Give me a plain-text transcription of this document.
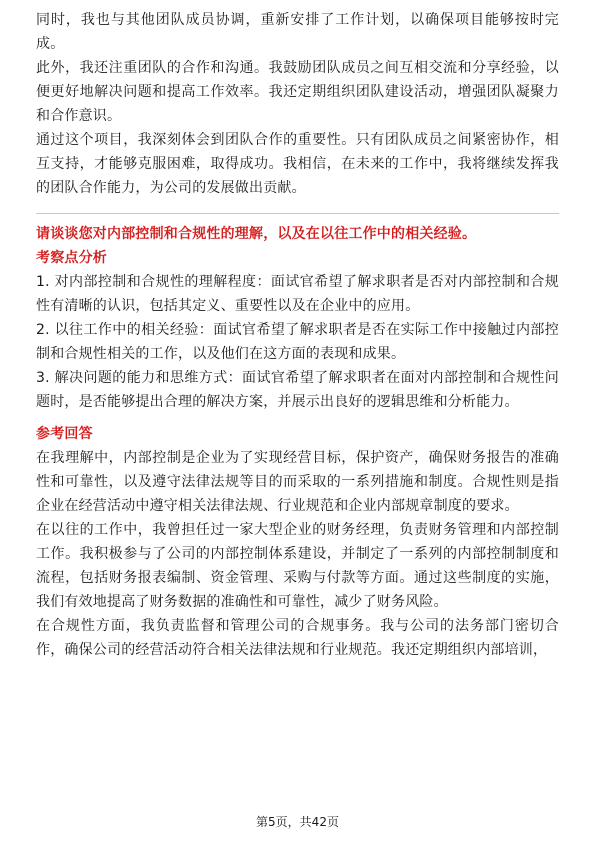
同时，我也与其他团队成员协调，重新安排了工作计划，以确保项目能够按时完成。

此外，我还注重团队的合作和沟通。我鼓励团队成员之间互相交流和分享经验，以便更好地解决问题和提高工作效率。我还定期组织团队建设活动，增强团队凝聚力和合作意识。

通过这个项目，我深刻体会到团队合作的重要性。只有团队成员之间紧密协作，相互支持，才能够克服困难，取得成功。我相信，在未来的工作中，我将继续发挥我的团队合作能力，为公司的发展做出贡献。

请谈谈您对内部控制和合规性的理解，以及在以往工作中的相关经验。

考察点分析

1. 对内部控制和合规性的理解程度：面试官希望了解求职者是否对内部控制和合规性有清晰的认识，包括其定义、重要性以及在企业中的应用。

2. 以往工作中的相关经验：面试官希望了解求职者是否在实际工作中接触过内部控制和合规性相关的工作，以及他们在这方面的表现和成果。

3. 解决问题的能力和思维方式：面试官希望了解求职者在面对内部控制和合规性问题时，是否能够提出合理的解决方案，并展示出良好的逻辑思维和分析能力。

参考回答

在我理解中，内部控制是企业为了实现经营目标，保护资产，确保财务报告的准确性和可靠性，以及遵守法律法规等目的而采取的一系列措施和制度。合规性则是指企业在经营活动中遵守相关法律法规、行业规范和企业内部规章制度的要求。

在以往的工作中，我曾担任过一家大型企业的财务经理，负责财务管理和内部控制工作。我积极参与了公司的内部控制体系建设，并制定了一系列的内部控制制度和流程，包括财务报表编制、资金管理、采购与付款等方面。通过这些制度的实施，我们有效地提高了财务数据的准确性和可靠性，减少了财务风险。

在合规性方面，我负责监督和管理公司的合规事务。我与公司的法务部门密切合作，确保公司的经营活动符合相关法律法规和行业规范。我还定期组织内部培训，

第5页，共42页
